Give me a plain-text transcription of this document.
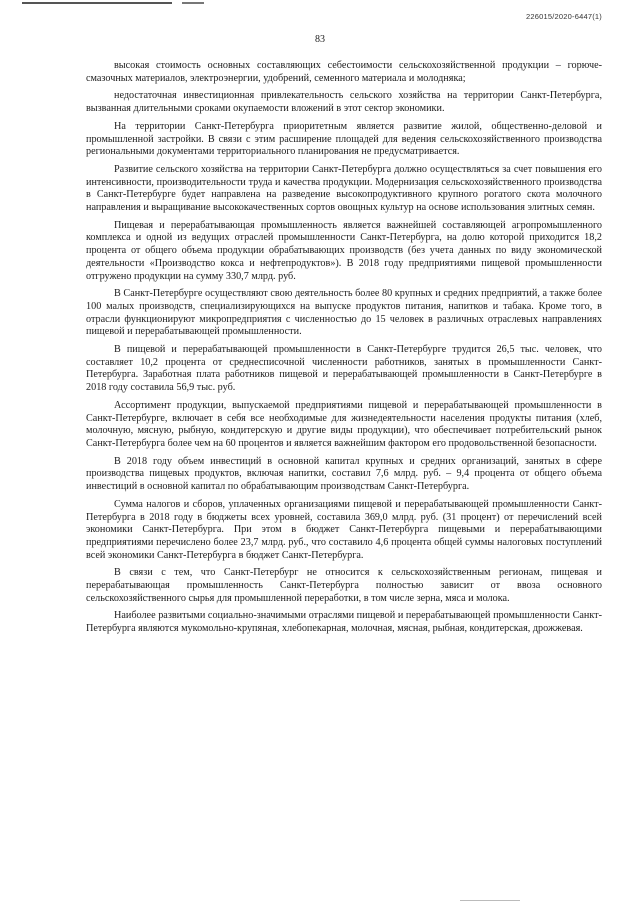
226015/2020-6447(1)
83

высокая стоимость основных составляющих себестоимости сельскохозяйственной продукции – горюче-смазочных материалов, электроэнергии, удобрений, семенного материала и молодняка;

недостаточная инвестиционная привлекательность сельского хозяйства на территории Санкт-Петербурга, вызванная длительными сроками окупаемости вложений в этот сектор экономики.

На территории Санкт-Петербурга приоритетным является развитие жилой, общественно-деловой и промышленной застройки. В связи с этим расширение площадей для ведения сельскохозяйственного производства региональными документами территориального планирования не предусматривается.

Развитие сельского хозяйства на территории Санкт-Петербурга должно осуществляться за счет повышения его интенсивности, производительности труда и качества продукции. Модернизация сельскохозяйственного производства в Санкт-Петербурге будет направлена на разведение высокопродуктивного крупного рогатого скота молочного направления и выращивание высококачественных сортов овощных культур на основе использования элитных семян.

Пищевая и перерабатывающая промышленность является важнейшей составляющей агропромышленного комплекса и одной из ведущих отраслей промышленности Санкт-Петербурга, на долю которой приходится 18,2 процента от общего объема продукции обрабатывающих производств (без учета данных по виду экономической деятельности «Производство кокса и нефтепродуктов»). В 2018 году предприятиями пищевой промышленности отгружено продукции на сумму 330,7 млрд. руб.

В Санкт-Петербурге осуществляют свою деятельность более 80 крупных и средних предприятий, а также более 100 малых производств, специализирующихся на выпуске продуктов питания, напитков и табака. Кроме того, в отрасли функционируют микропредприятия с численностью до 15 человек в различных отраслевых направлениях пищевой и перерабатывающей промышленности.

В пищевой и перерабатывающей промышленности в Санкт-Петербурге трудится 26,5 тыс. человек, что составляет 10,2 процента от среднесписочной численности работников, занятых в промышленности Санкт-Петербурга. Заработная плата работников пищевой и перерабатывающей промышленности в Санкт-Петербурге в 2018 году составила 56,9 тыс. руб.

Ассортимент продукции, выпускаемой предприятиями пищевой и перерабатывающей промышленности в Санкт-Петербурге, включает в себя все необходимые для жизнедеятельности населения продукты питания (хлеб, молочную, мясную, рыбную, кондитерскую и другие виды продукции), что обеспечивает потребительский рынок Санкт-Петербурга более чем на 60 процентов и является важнейшим фактором его продовольственной безопасности.

В 2018 году объем инвестиций в основной капитал крупных и средних организаций, занятых в сфере производства пищевых продуктов, включая напитки, составил 7,6 млрд. руб. – 9,4 процента от общего объема инвестиций в основной капитал по обрабатывающим производствам Санкт-Петербурга.

Сумма налогов и сборов, уплаченных организациями пищевой и перерабатывающей промышленности Санкт-Петербурга в 2018 году в бюджеты всех уровней, составила 369,0 млрд. руб. (31 процент) от перечислений всей экономики Санкт-Петербурга. При этом в бюджет Санкт-Петербурга пищевыми и перерабатывающими предприятиями перечислено более 23,7 млрд. руб., что составило 4,6 процента общей суммы налоговых поступлений всей экономики Санкт-Петербурга в бюджет Санкт-Петербурга.

В связи с тем, что Санкт-Петербург не относится к сельскохозяйственным регионам, пищевая и перерабатывающая промышленность Санкт-Петербурга полностью зависит от ввоза основного сельскохозяйственного сырья для промышленной переработки, в том числе зерна, мяса и молока.

Наиболее развитыми социально-значимыми отраслями пищевой и перерабатывающей промышленности Санкт-Петербурга являются мукомольно-крупяная, хлебопекарная, молочная, мясная, рыбная, кондитерская, дрожжевая.
